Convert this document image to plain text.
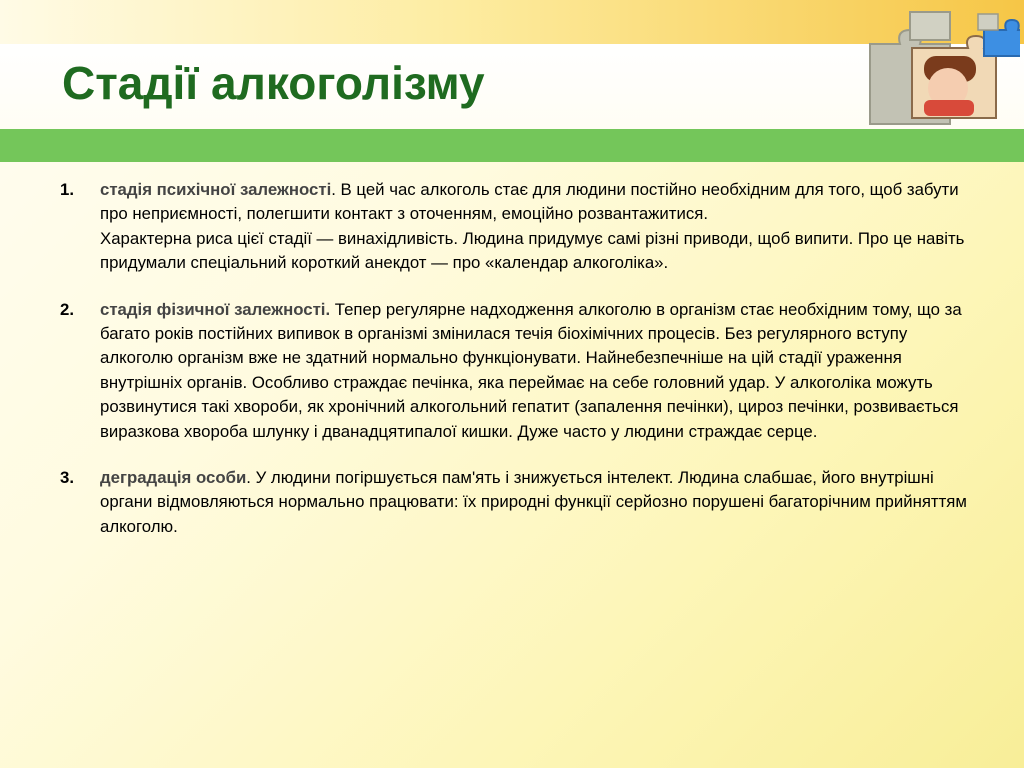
Стадії алкоголізму
1.	стадія психічної залежності. В цей час алкоголь стає для людини постійно необхідним для того, щоб забути про неприємності, полегшити контакт з оточенням, емоційно розвантажитися.
Характерна риса цієї стадії — винахідливість. Людина придумує самі різні приводи, щоб випити. Про це навіть придумали спеціальний короткий анекдот — про «календар алкоголіка».
2.	стадія фізичної залежності. Тепер регулярне надходження алкоголю в організм стає необхідним тому, що за багато років постійних випивок в організмі змінилася течія біохімічних процесів. Без регулярного вступу алкоголю організм вже не здатний нормально функціонувати. Найнебезпечніше на цій стадії ураження внутрішніх органів. Особливо страждає печінка, яка переймає на себе головний удар. У алкоголіка можуть розвинутися такі хвороби, як хронічний алкогольний гепатит (запалення печінки), цироз печінки, розвивається виразкова хвороба шлунку і дванадцятипалої кишки. Дуже часто у людини страждає серце.
3.	деградація особи. У людини погіршується пам'ять і знижується інтелект. Людина слабшає, його внутрішні органи відмовляються нормально працювати: їх природні функції серйозно порушені багаторічним прийняттям алкоголю.
